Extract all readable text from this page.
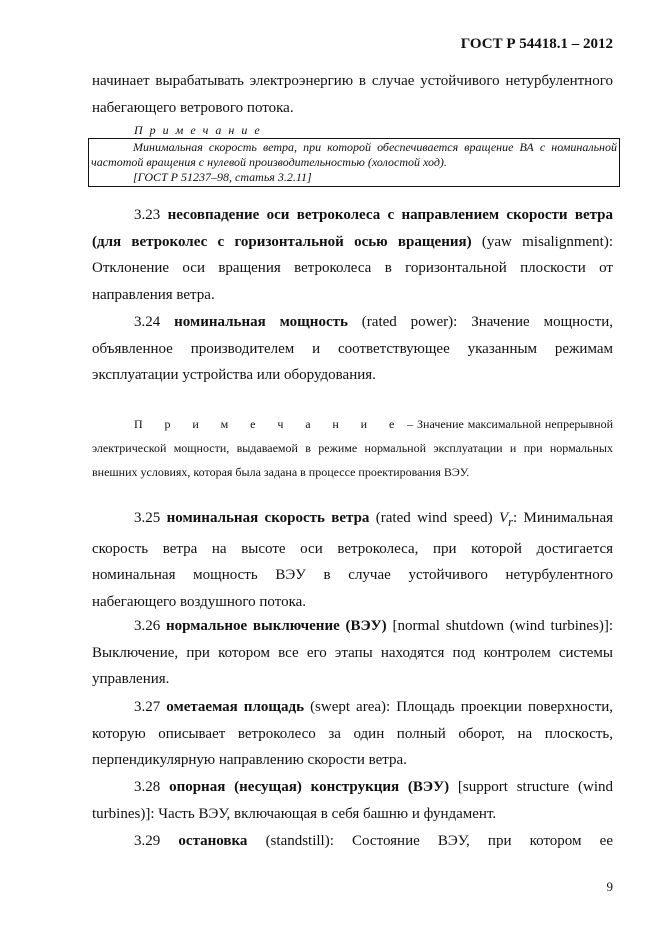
ГОСТ Р 54418.1 – 2012
начинает вырабатывать электроэнергию в случае устойчивого нетурбулентного набегающего ветрового потока.
П р и м е ч а н и е
Минимальная скорость ветра, при которой обеспечивается вращение ВА с номинальной частотой вращения с нулевой производительностью (холостой ход).
[ГОСТ Р 51237–98, статья 3.2.11]
3.23 несовпадение оси ветроколеса с направлением скорости ветра (для ветроколес с горизонтальной осью вращения) (yaw misalignment): Отклонение оси вращения ветроколеса в горизонтальной плоскости от направления ветра.
3.24 номинальная мощность (rated power): Значение мощности, объявленное производителем и соответствующее указанным режимам эксплуатации устройства или оборудования.
П р и м е ч а н и е – Значение максимальной непрерывной электрической мощности, выдаваемой в режиме нормальной эксплуатации и при нормальных внешних условиях, которая была задана в процессе проектирования ВЭУ.
3.25 номинальная скорость ветра (rated wind speed) $V_r$: Минимальная скорость ветра на высоте оси ветроколеса, при которой достигается номинальная мощность ВЭУ в случае устойчивого нетурбулентного набегающего воздушного потока.
3.26 нормальное выключение (ВЭУ) [normal shutdown (wind turbines)]: Выключение, при котором все его этапы находятся под контролем системы управления.
3.27 ометаемая площадь (swept area): Площадь проекции поверхности, которую описывает ветроколесо за один полный оборот, на плоскость, перпендикулярную направлению скорости ветра.
3.28 опорная (несущая) конструкция (ВЭУ) [support structure (wind turbines)]: Часть ВЭУ, включающая в себя башню и фундамент.
3.29 остановка (standstill): Состояние ВЭУ, при котором ее
9
